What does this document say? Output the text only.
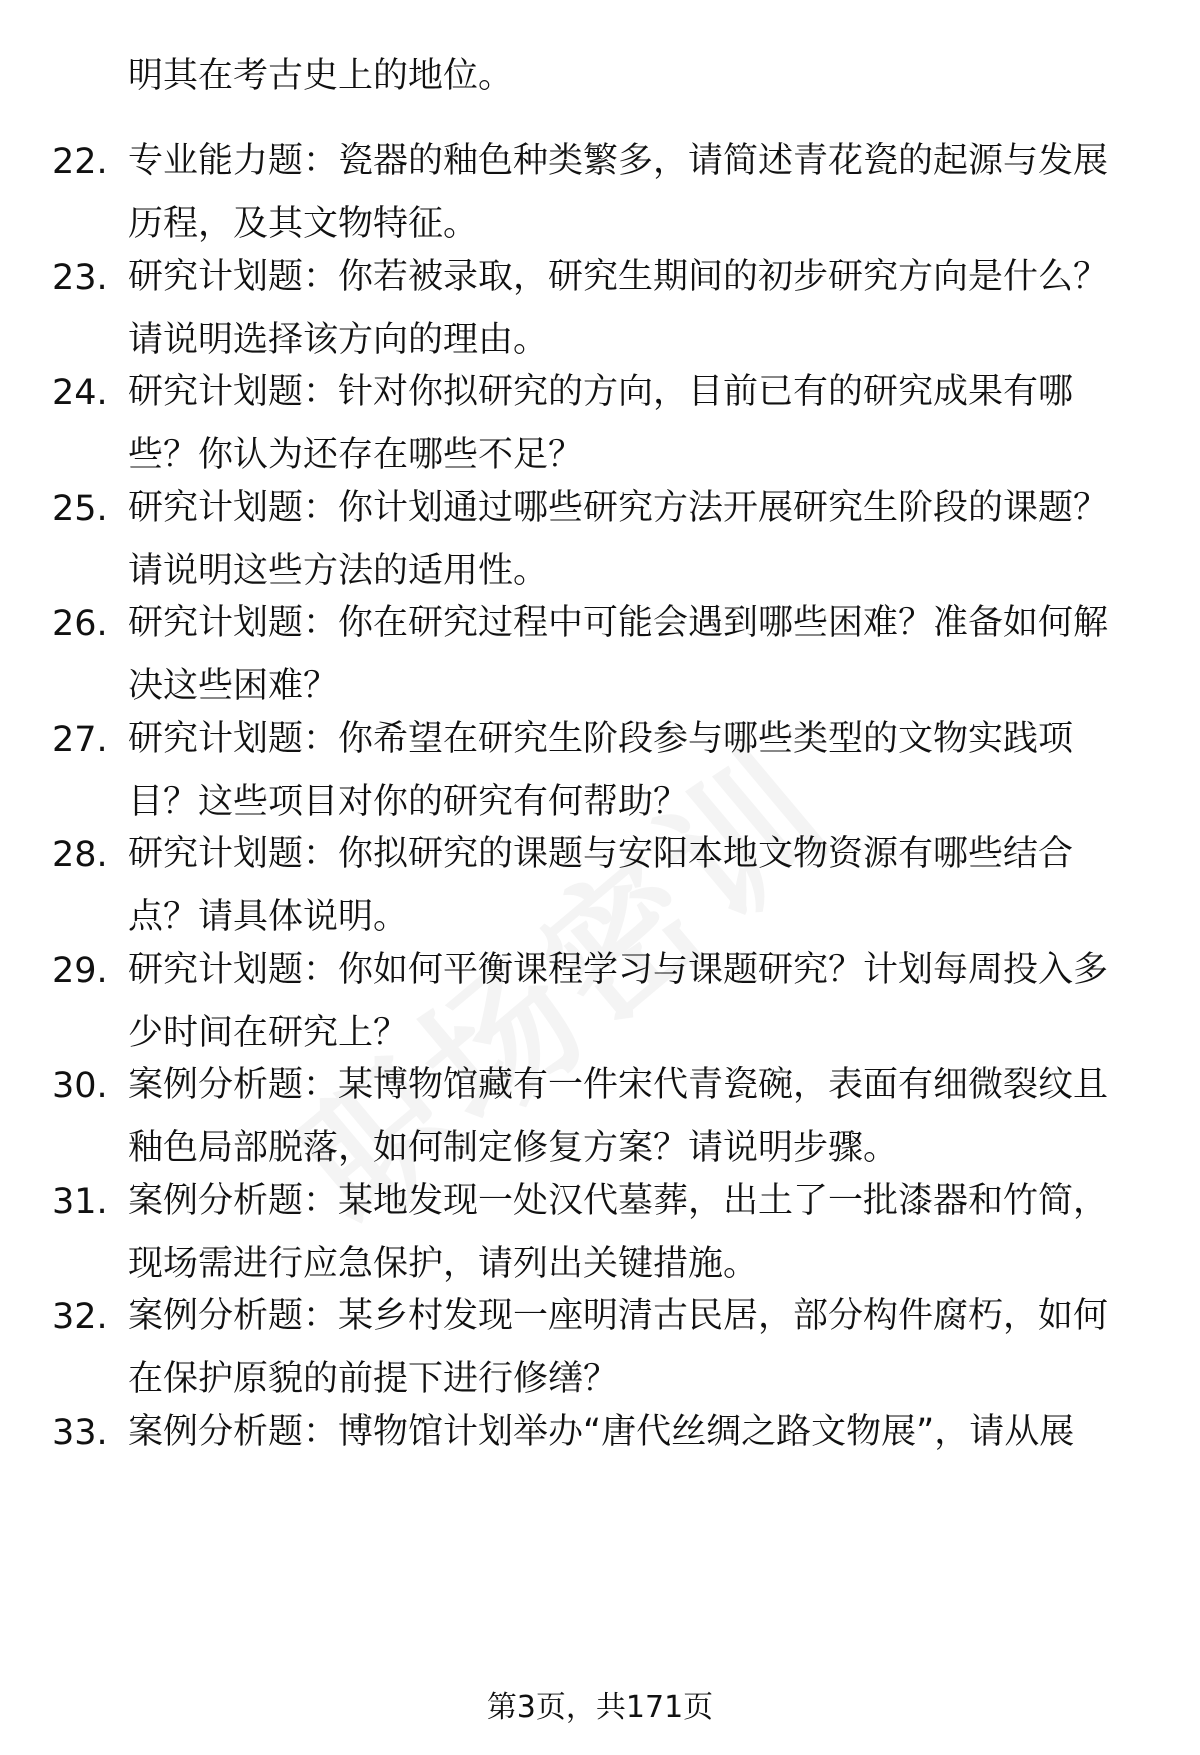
明其在考古史上的地位。
22. 专业能力题：瓷器的釉色种类繁多，请简述青花瓷的起源与发展
历程，及其文物特征。
23. 研究计划题：你若被录取，研究生期间的初步研究方向是什么？
请说明选择该方向的理由。
24. 研究计划题：针对你拟研究的方向，目前已有的研究成果有哪
些？你认为还存在哪些不足？
25. 研究计划题：你计划通过哪些研究方法开展研究生阶段的课题？
请说明这些方法的适用性。
26. 研究计划题：你在研究过程中可能会遇到哪些困难？准备如何解
决这些困难？
27. 研究计划题：你希望在研究生阶段参与哪些类型的文物实践项
目？这些项目对你的研究有何帮助？
28. 研究计划题：你拟研究的课题与安阳本地文物资源有哪些结合
点？请具体说明。
29. 研究计划题：你如何平衡课程学习与课题研究？计划每周投入多
少时间在研究上？
30. 案例分析题：某博物馆藏有一件宋代青瓷碗，表面有细微裂纹且
釉色局部脱落，如何制定修复方案？请说明步骤。
31. 案例分析题：某地发现一处汉代墓葬，出土了一批漆器和竹简，
现场需进行应急保护，请列出关键措施。
32. 案例分析题：某乡村发现一座明清古民居，部分构件腐朽，如何
在保护原貌的前提下进行修缮？
33. 案例分析题：博物馆计划举办“唐代丝绸之路文物展”，请从展
第3页，共171页
